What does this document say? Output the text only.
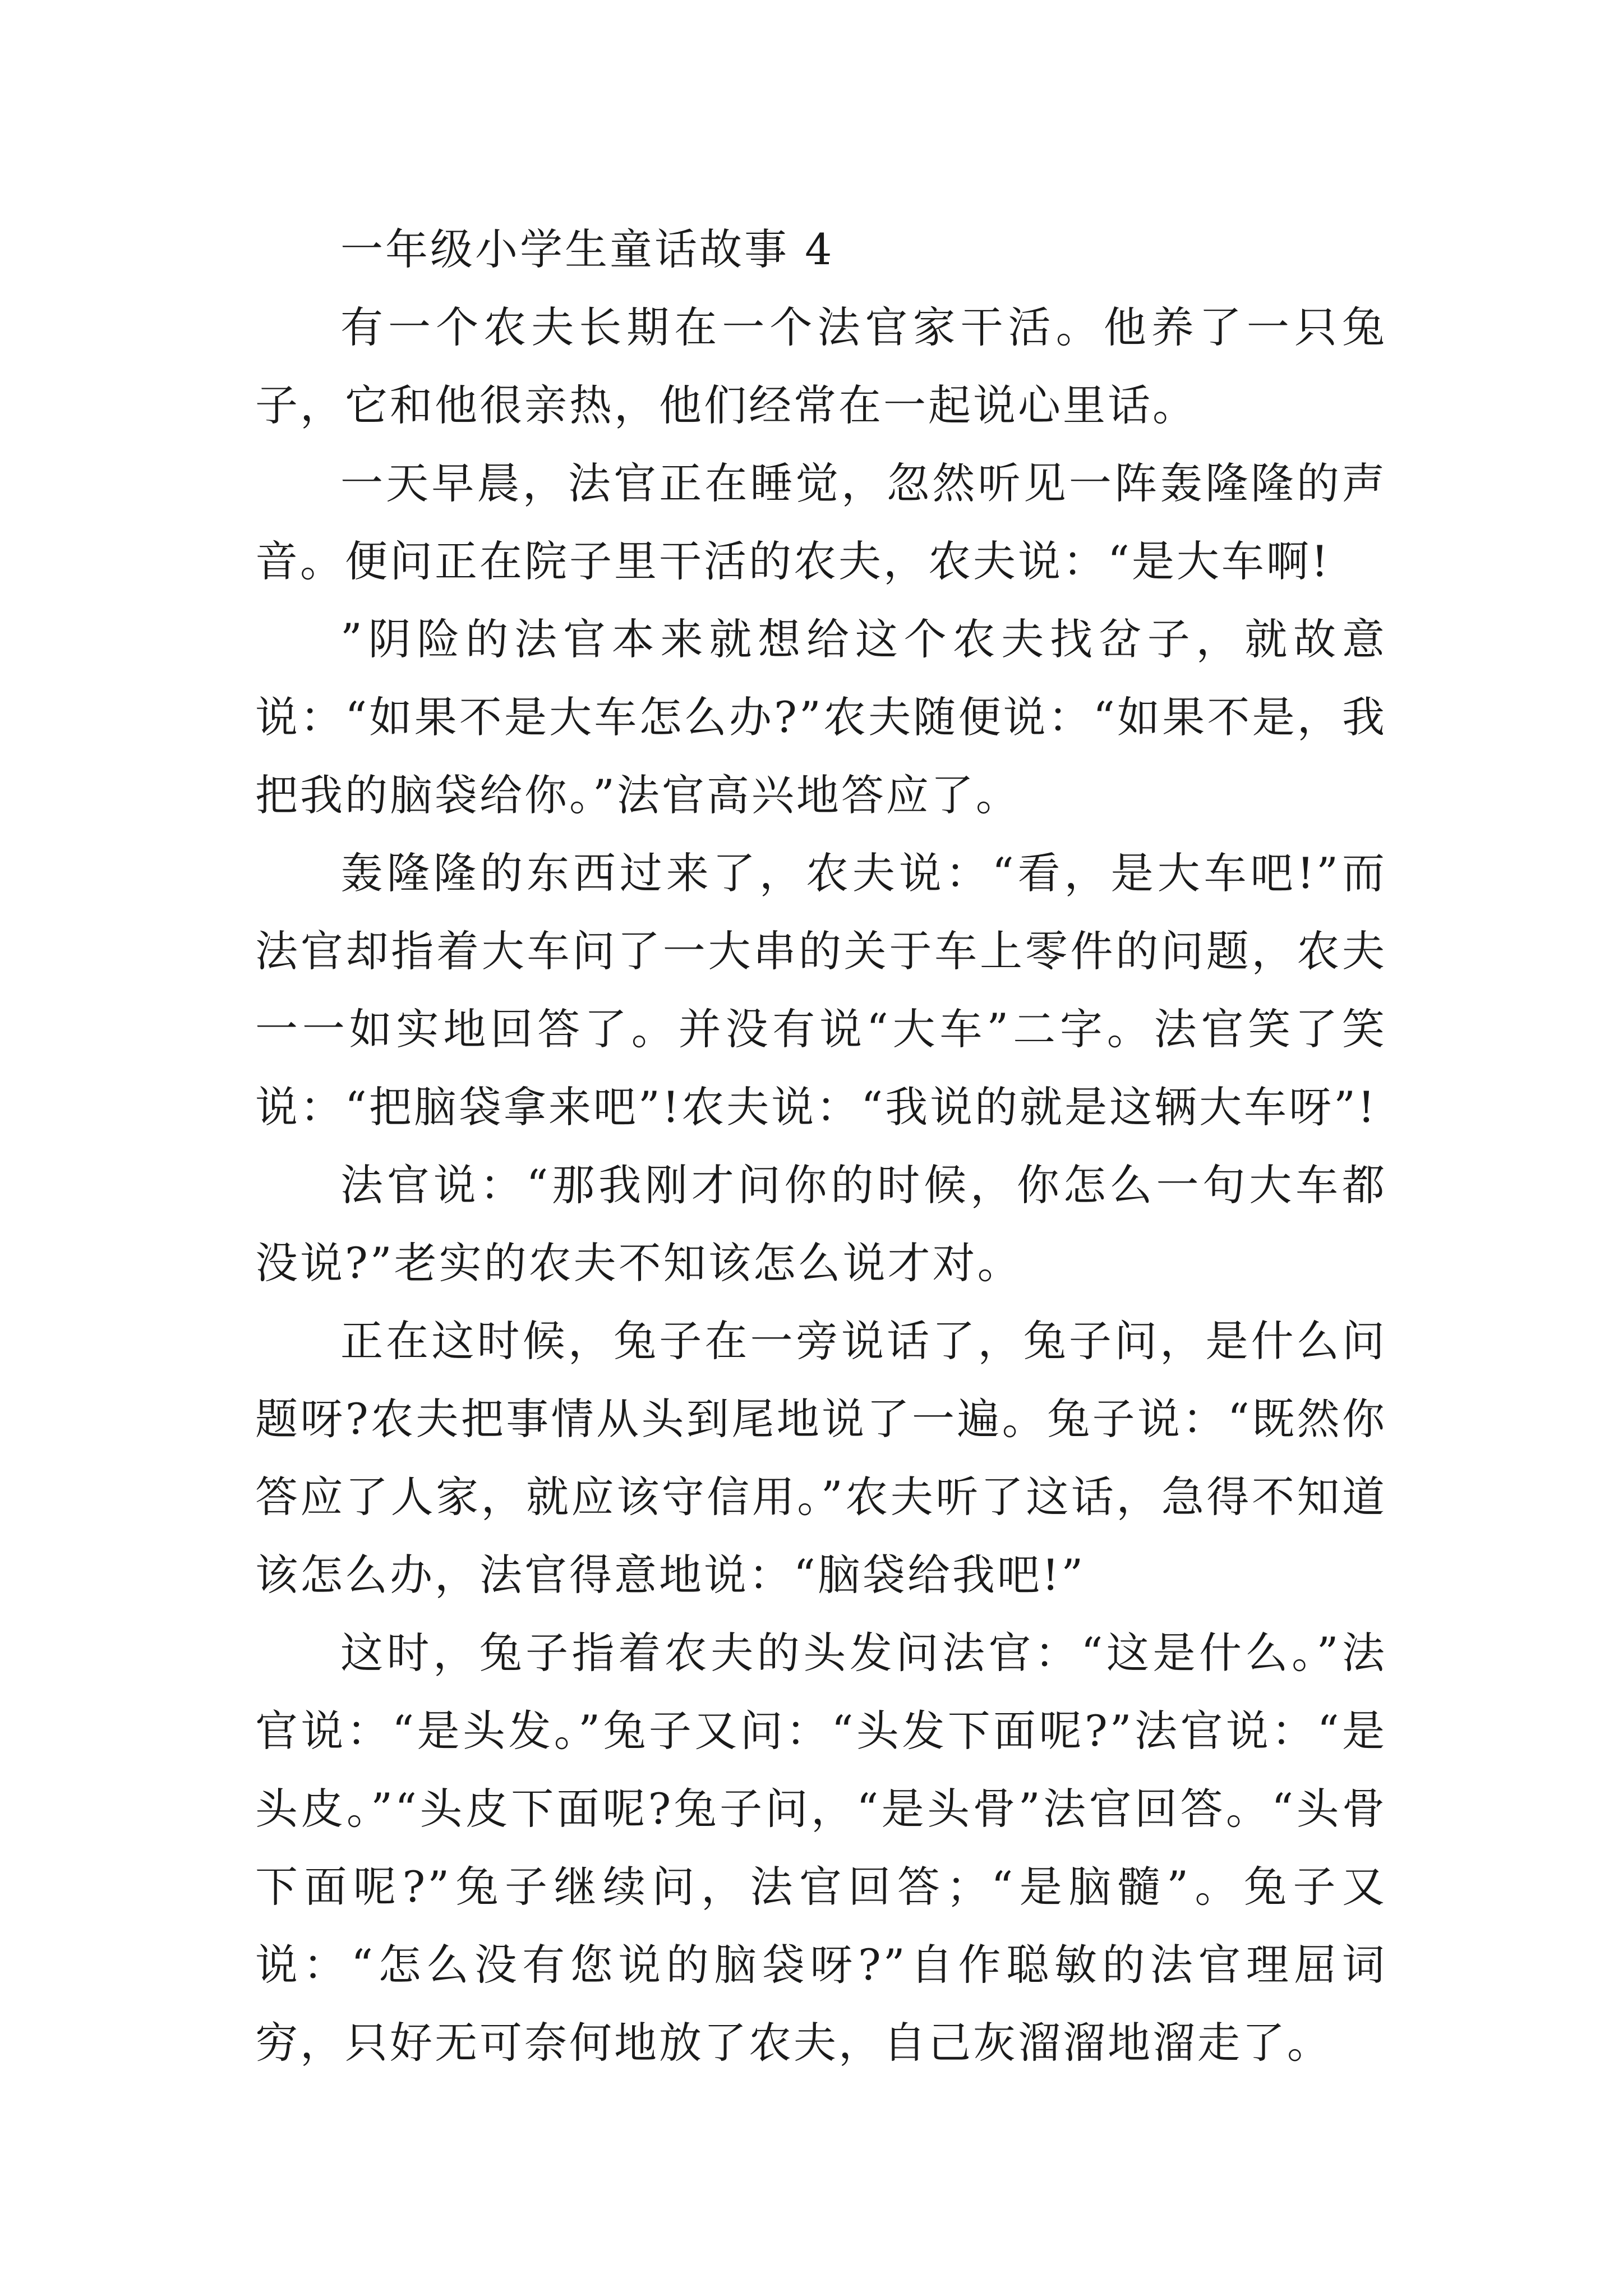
一年级小学生童话故事 4

有一个农夫长期在一个法官家干活。他养了一只兔子，它和他很亲热，他们经常在一起说心里话。

一天早晨，法官正在睡觉，忽然听见一阵轰隆隆的声音。便问正在院子里干活的农夫，农夫说：“是大车啊!

”阴险的法官本来就想给这个农夫找岔子，就故意说：“如果不是大车怎么办?”农夫随便说：“如果不是，我把我的脑袋给你。”法官高兴地答应了。

轰隆隆的东西过来了，农夫说：“看，是大车吧!”而法官却指着大车问了一大串的关于车上零件的问题，农夫一一如实地回答了。并没有说“大车”二字。法官笑了笑说：“把脑袋拿来吧”!农夫说：“我说的就是这辆大车呀”!

法官说：“那我刚才问你的时候，你怎么一句大车都没说?”老实的农夫不知该怎么说才对。

正在这时候，兔子在一旁说话了，兔子问，是什么问题呀?农夫把事情从头到尾地说了一遍。兔子说：“既然你答应了人家，就应该守信用。”农夫听了这话，急得不知道该怎么办，法官得意地说：“脑袋给我吧!”

这时，兔子指着农夫的头发问法官：“这是什么。”法官说：“是头发。”兔子又问：“头发下面呢?”法官说：“是头皮。”“头皮下面呢?兔子问，“是头骨”法官回答。“头骨下面呢?”兔子继续问，法官回答；“是脑髓”。兔子又说：“怎么没有您说的脑袋呀?”自作聪敏的法官理屈词穷，只好无可奈何地放了农夫，自己灰溜溜地溜走了。
